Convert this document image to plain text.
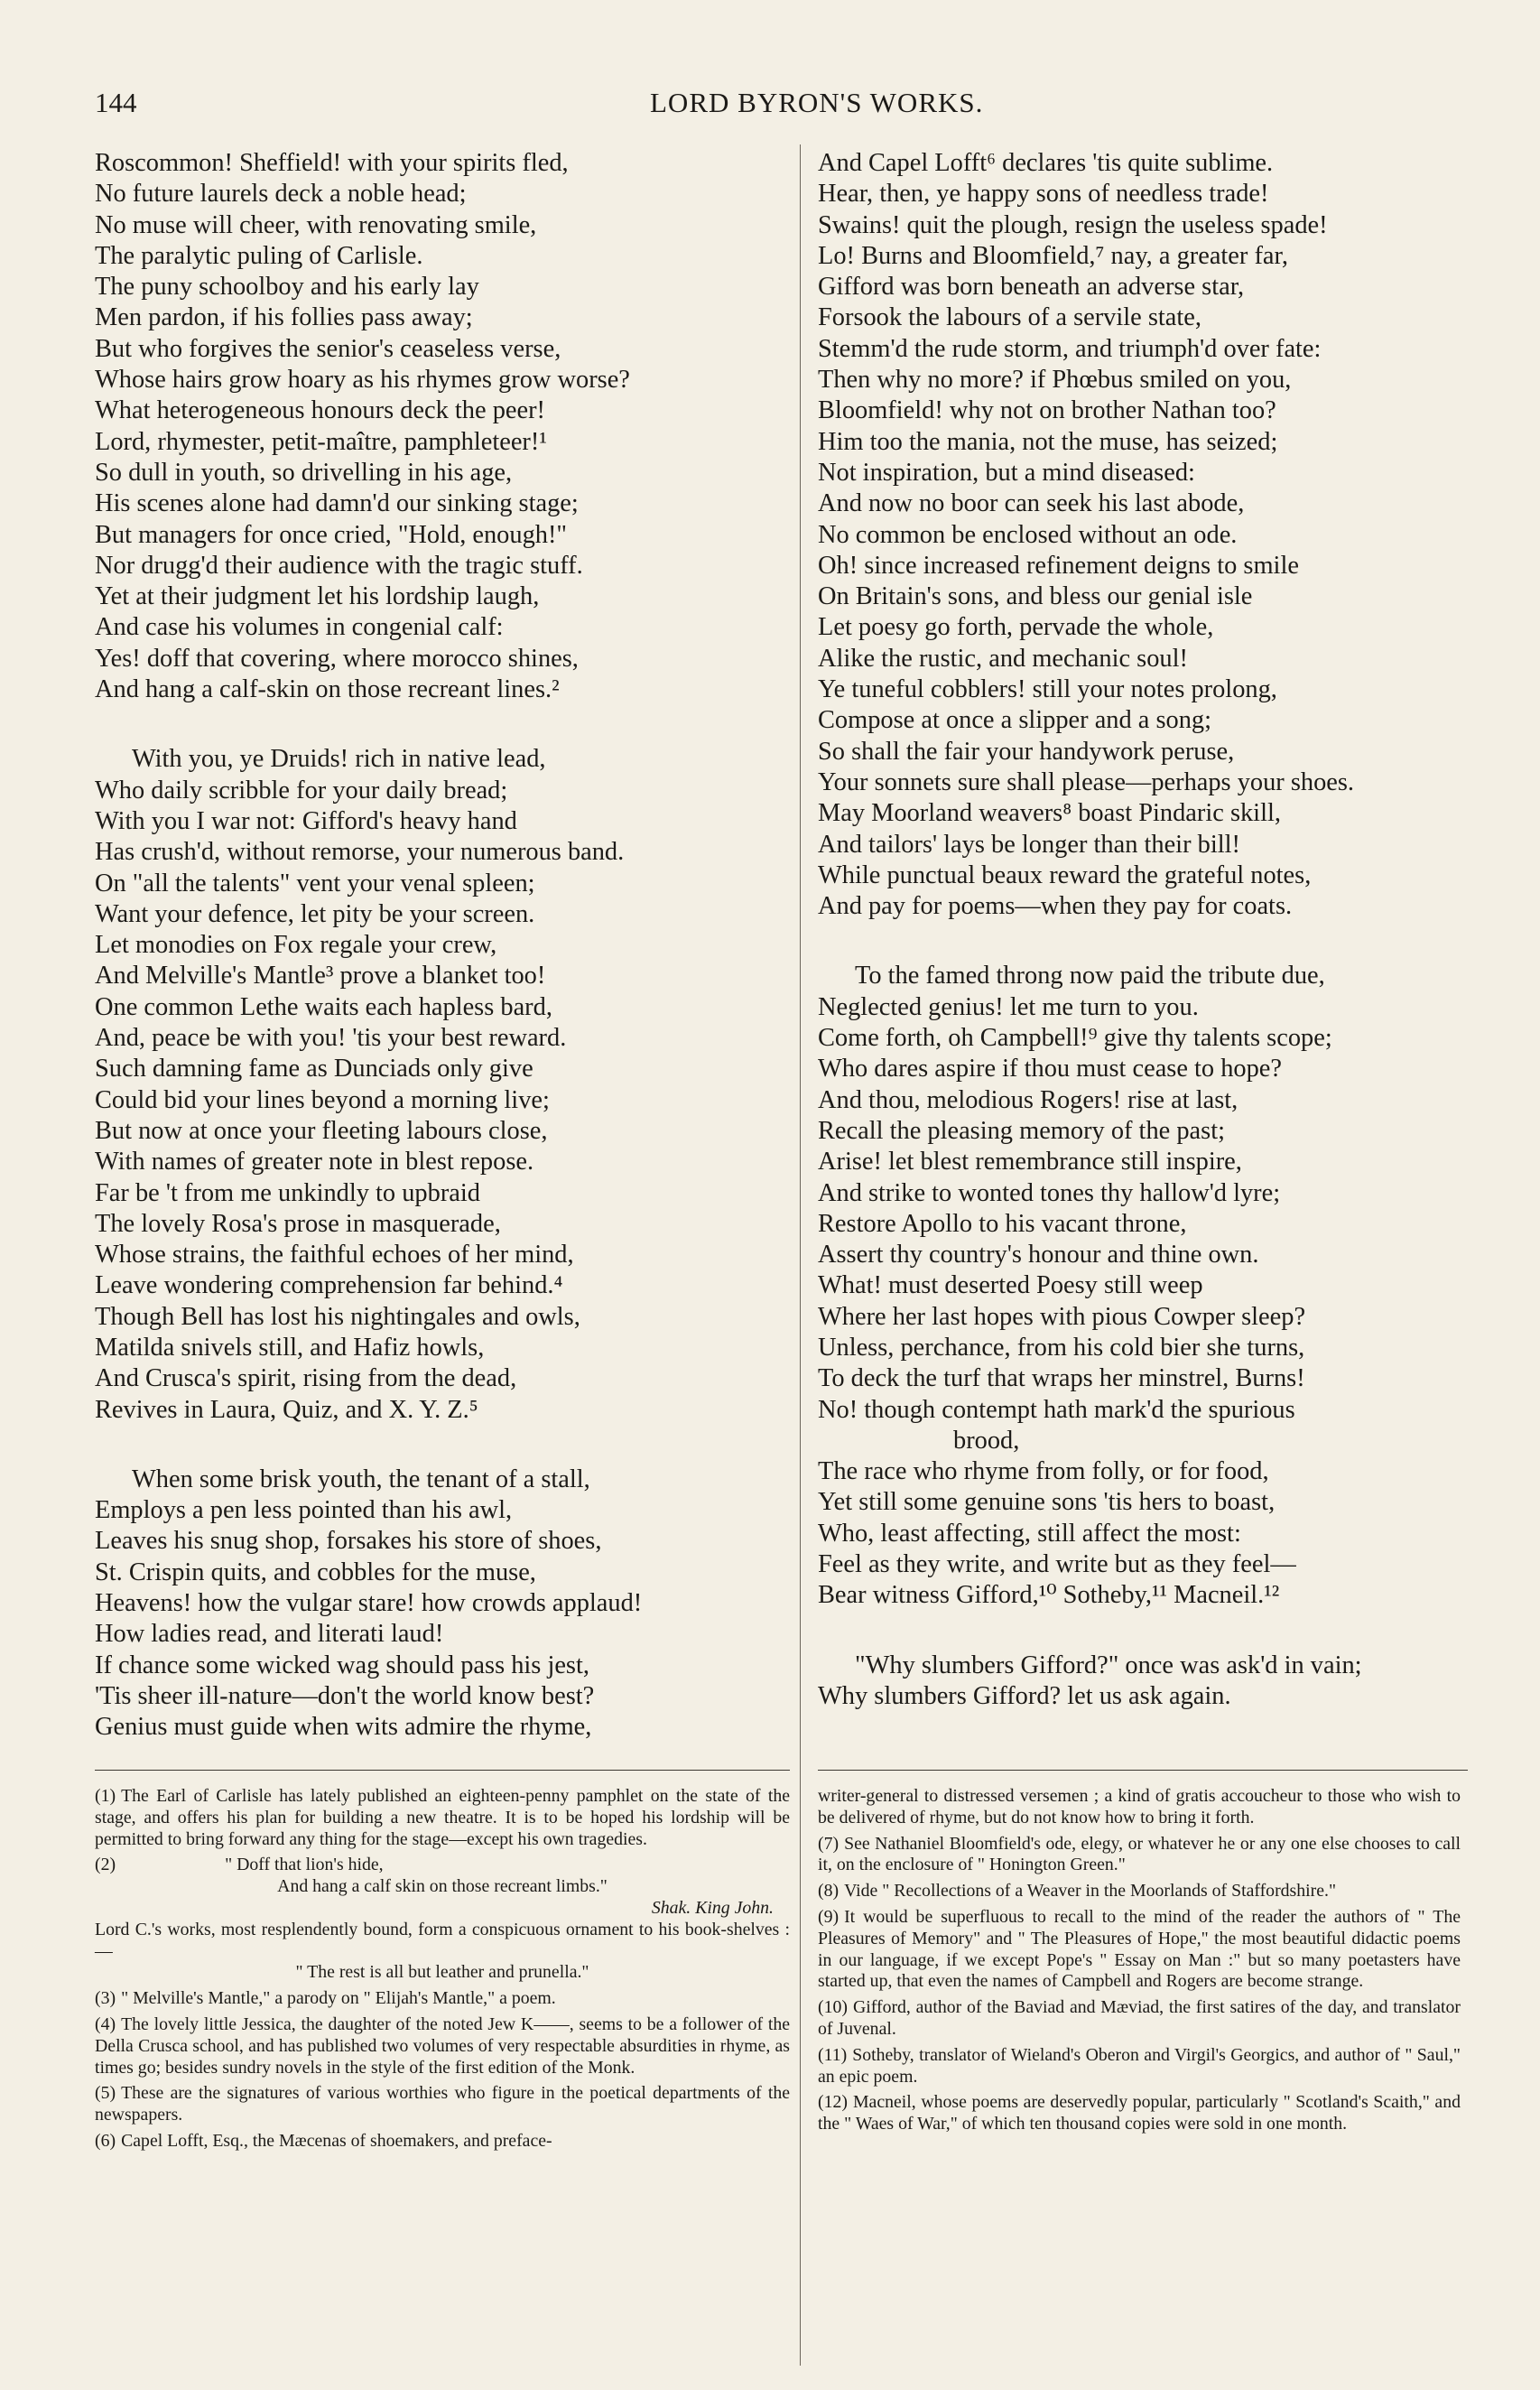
144	LORD BYRON'S WORKS.
Roscommon! Sheffield! with your spirits fled,
No future laurels deck a noble head;
No muse will cheer, with renovating smile,
The paralytic puling of Carlisle.
The puny schoolboy and his early lay
Men pardon, if his follies pass away;
But who forgives the senior's ceaseless verse,
Whose hairs grow hoary as his rhymes grow worse?
What heterogeneous honours deck the peer!
Lord, rhymester, petit-maître, pamphleteer!¹
So dull in youth, so drivelling in his age,
His scenes alone had damn'd our sinking stage;
But managers for once cried, "Hold, enough!"
Nor drugg'd their audience with the tragic stuff.
Yet at their judgment let his lordship laugh,
And case his volumes in congenial calf:
Yes! doff that covering, where morocco shines,
And hang a calf-skin on those recreant lines.²
With you, ye Druids! rich in native lead,
Who daily scribble for your daily bread;
With you I war not: Gifford's heavy hand
Has crush'd, without remorse, your numerous band.
On "all the talents" vent your venal spleen;
Want your defence, let pity be your screen.
Let monodies on Fox regale your crew,
And Melville's Mantle³ prove a blanket too!
One common Lethe waits each hapless bard,
And, peace be with you! 'tis your best reward.
Such damning fame as Dunciads only give
Could bid your lines beyond a morning live;
But now at once your fleeting labours close,
With names of greater note in blest repose.
Far be 't from me unkindly to upbraid
The lovely Rosa's prose in masquerade,
Whose strains, the faithful echoes of her mind,
Leave wondering comprehension far behind.⁴
Though Bell has lost his nightingales and owls,
Matilda snivels still, and Hafiz howls,
And Crusca's spirit, rising from the dead,
Revives in Laura, Quiz, and X. Y. Z.⁵
When some brisk youth, the tenant of a stall,
Employs a pen less pointed than his awl,
Leaves his snug shop, forsakes his store of shoes,
St. Crispin quits, and cobbles for the muse,
Heavens! how the vulgar stare! how crowds applaud!
How ladies read, and literati laud!
If chance some wicked wag should pass his jest,
'Tis sheer ill-nature—don't the world know best?
Genius must guide when wits admire the rhyme,
And Capel Lofft⁶ declares 'tis quite sublime.
Hear, then, ye happy sons of needless trade!
Swains! quit the plough, resign the useless spade!
Lo! Burns and Bloomfield,⁷ nay, a greater far,
Gifford was born beneath an adverse star,
Forsook the labours of a servile state,
Stemm'd the rude storm, and triumph'd over fate:
Then why no more? if Phœbus smiled on you,
Bloomfield! why not on brother Nathan too?
Him too the mania, not the muse, has seized;
Not inspiration, but a mind diseased:
And now no boor can seek his last abode,
No common be enclosed without an ode.
Oh! since increased refinement deigns to smile
On Britain's sons, and bless our genial isle
Let poesy go forth, pervade the whole,
Alike the rustic, and mechanic soul!
Ye tuneful cobblers! still your notes prolong,
Compose at once a slipper and a song;
So shall the fair your handywork peruse,
Your sonnets sure shall please—perhaps your shoes.
May Moorland weavers⁸ boast Pindaric skill,
And tailors' lays be longer than their bill!
While punctual beaux reward the grateful notes,
And pay for poems—when they pay for coats.
To the famed throng now paid the tribute due,
Neglected genius! let me turn to you.
Come forth, oh Campbell!⁹ give thy talents scope;
Who dares aspire if thou must cease to hope?
And thou, melodious Rogers! rise at last,
Recall the pleasing memory of the past;
Arise! let blest remembrance still inspire,
And strike to wonted tones thy hallow'd lyre;
Restore Apollo to his vacant throne,
Assert thy country's honour and thine own.
What! must deserted Poesy still weep
Where her last hopes with pious Cowper sleep?
Unless, perchance, from his cold bier she turns,
To deck the turf that wraps her minstrel, Burns!
No! though contempt hath mark'd the spurious
brood,
The race who rhyme from folly, or for food,
Yet still some genuine sons 'tis hers to boast,
Who, least affecting, still affect the most:
Feel as they write, and write but as they feel—
Bear witness Gifford,¹⁰ Sotheby,¹¹ Macneil.¹²
"Why slumbers Gifford?" once was ask'd in vain;
Why slumbers Gifford? let us ask again.
(1) The Earl of Carlisle has lately published an eighteen-penny pamphlet on the state of the stage, and offers his plan for building a new theatre. It is to be hoped his lordship will be permitted to bring forward any thing for the stage—except his own tragedies.
(2)	" Doff that lion's hide,
And hang a calf skin on those recreant limbs."
Shak. King John.
Lord C.'s works, most resplendently bound, form a conspicuous ornament to his book-shelves :—
" The rest is all but leather and prunella."
(3) " Melville's Mantle," a parody on " Elijah's Mantle," a poem.
(4) The lovely little Jessica, the daughter of the noted Jew K——, seems to be a follower of the Della Crusca school, and has published two volumes of very respectable absurdities in rhyme, as times go; besides sundry novels in the style of the first edition of the Monk.
(5) These are the signatures of various worthies who figure in the poetical departments of the newspapers.
(6) Capel Lofft, Esq., the Mæcenas of shoemakers, and preface-
writer-general to distressed versemen ; a kind of gratis accoucheur to those who wish to be delivered of rhyme, but do not know how to bring it forth.
(7) See Nathaniel Bloomfield's ode, elegy, or whatever he or any one else chooses to call it, on the enclosure of " Honington Green."
(8) Vide " Recollections of a Weaver in the Moorlands of Staffordshire."
(9) It would be superfluous to recall to the mind of the reader the authors of " The Pleasures of Memory" and " The Pleasures of Hope," the most beautiful didactic poems in our language, if we except Pope's " Essay on Man :" but so many poetasters have started up, that even the names of Campbell and Rogers are become strange.
(10) Gifford, author of the Baviad and Mæviad, the first satires of the day, and translator of Juvenal.
(11) Sotheby, translator of Wieland's Oberon and Virgil's Georgics, and author of " Saul," an epic poem.
(12) Macneil, whose poems are deservedly popular, particularly " Scotland's Scaith," and the " Waes of War," of which ten thousand copies were sold in one month.
